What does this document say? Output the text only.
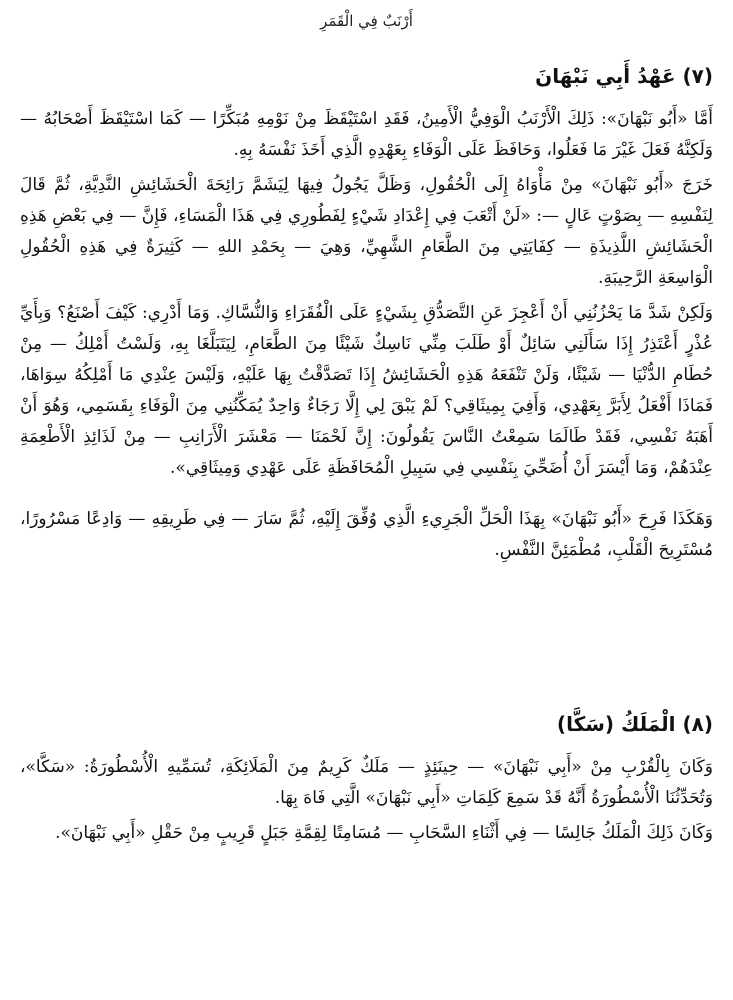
أَرْنَبٌ فِي الْقَمَرِ
(٧) عَهْدُ أَبِي نَبْهَانَ

أَمَّا «أَبُو نَبْهَانَ»: ذَلِكَ الْأَرْنَبُ الْوَفِيُّ الْأَمِينُ، فَقَدِ اسْتَيْقَظَ مِنْ نَوْمِهِ مُبَكِّرًا — كَمَا اسْتَيْقَظَ أَصْحَابُهُ — وَلَكِنَّهُ فَعَلَ غَيْرَ مَا فَعَلُوا، وَحَافَظَ عَلَى الْوَفَاءِ بِعَهْدِهِ الَّذِي أَخَذَ نَفْسَهُ بِهِ.

خَرَجَ «أَبُو نَبْهَانَ» مِنْ مَأْوَاهُ إِلَى الْحُقُولِ، وَظَلَّ يَجُولُ فِيهَا لِيَشَمَّ رَائِحَةَ الْحَشَائِشِ النَّدِيَّةِ، ثُمَّ قَالَ لِنَفْسِهِ — بِصَوْتٍ عَالٍ —: «لَنْ أَتْعَبَ فِي إِعْدَادِ شَيْءٍ لِفَطُورِي فِي هَذَا الْمَسَاءِ، فَإِنَّ — فِي بَعْضِ هَذِهِ الْحَشَائِشِ اللَّذِيذَةِ — كِفَايَتِي مِنَ الطَّعَامِ الشَّهِيِّ، وَهِيَ — بِحَمْدِ اللهِ — كَثِيرَةٌ فِي هَذِهِ الْحُقُولِ الْوَاسِعَةِ الرَّحِيبَةِ.

وَلَكِنْ شَدَّ مَا يَحْزُنُنِي أَنْ أَعْجِزَ عَنِ التَّصَدُّقِ بِشَيْءٍ عَلَى الْفُقَرَاءِ وَالنُّسَّاكِ. وَمَا أَدْرِي: كَيْفَ أَصْنَعُ؟ وَبِأَيِّ عُذْرٍ أَعْتَذِرُ إِذَا سَأَلَنِي سَائِلٌ أَوْ طَلَبَ مِنِّي نَاسِكٌ شَيْئًا مِنَ الطَّعَامِ، لِيَتَبَلَّغَا بِهِ، وَلَسْتُ أَمْلِكُ — مِنْ حُطَامِ الدُّنْيَا — شَيْئًا، وَلَنْ تَنْفَعَهُ هَذِهِ الْحَشَائِشُ إِذَا تَصَدَّقْتُ بِهَا عَلَيْهِ، وَلَيْسَ عِنْدِي مَا أَمْلِكُهُ سِوَاهَا، فَمَاذَا أَفْعَلُ لِأَبَرَّ بِعَهْدِي، وَأَفِيَ بِمِيثَاقِي؟ لَمْ يَبْقَ لِي إِلَّا رَجَاءٌ وَاحِدٌ يُمَكِّنُنِي مِنَ الْوَفَاءِ بِقَسَمِي، وَهُوَ أَنْ أَهَبَهُ نَفْسِي، فَقَدْ طَالَمَا سَمِعْتُ النَّاسَ يَقُولُونَ: إِنَّ لَحْمَنَا — مَعْشَرَ الْأَرَانِبِ — مِنْ لَذَائِذِ الْأَطْعِمَةِ عِنْدَهُمْ، وَمَا أَيْسَرَ أَنْ أُضَحِّيَ بِنَفْسِي فِي سَبِيلِ الْمُحَافَظَةِ عَلَى عَهْدِي وَمِيثَاقِي».

وَهَكَذَا فَرِحَ «أَبُو نَبْهَانَ» بِهَذَا الْحَلِّ الْجَرِيءِ الَّذِي وُفِّقَ إِلَيْهِ، ثُمَّ سَارَ — فِي طَرِيقِهِ — وَادِعًا مَسْرُورًا، مُسْتَرِيحَ الْقَلْبِ، مُطْمَئِنَّ النَّفْسِ.

(٨) الْمَلَكُ (سَكَّا)

وَكَانَ بِالْقُرْبِ مِنْ «أَبِي نَبْهَانَ» — حِينَئِذٍ — مَلَكٌ كَرِيمٌ مِنَ الْمَلَائِكَةِ، تُسَمِّيهِ الْأُسْطُورَةُ: «سَكَّا»، وَتُحَدِّثُنَا الْأُسْطُورَةُ أَنَّهُ قَدْ سَمِعَ كَلِمَاتِ «أَبِي نَبْهَانَ» الَّتِي فَاهَ بِهَا.

وَكَانَ ذَلِكَ الْمَلَكُ جَالِسًا — فِي أَثْنَاءِ السَّحَابِ — مُسَامِتًا لِقِمَّةِ جَبَلٍ قَرِيبٍ مِنْ حَقْلِ «أَبِي نَبْهَانَ».
